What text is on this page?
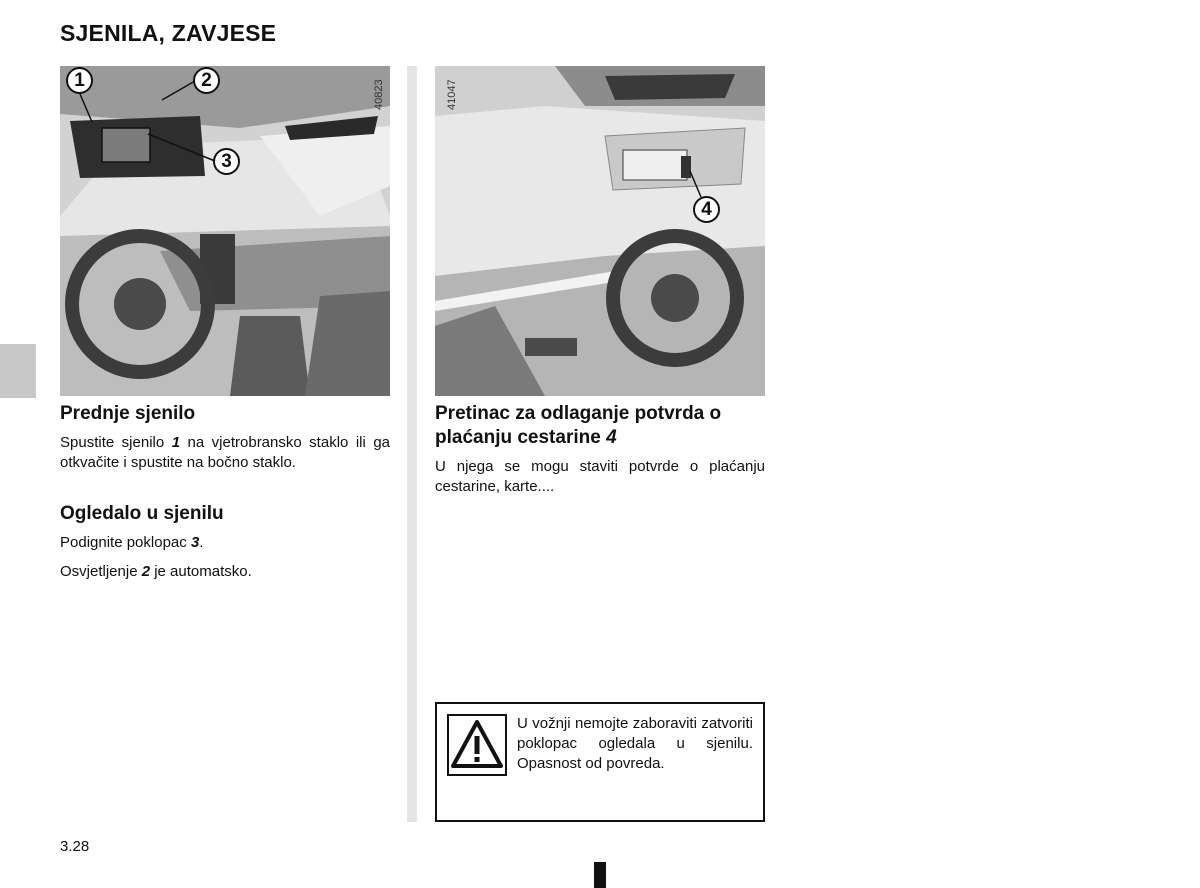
SJENILA, ZAVJESE
1	2
3
40823
4
41047
Prednje sjenilo
Spustite sjenilo 1 na vjetrobransko staklo ili ga otkvačite i spustite na bočno staklo.
Ogledalo u sjenilu
Podignite poklopac 3.
Osvjetljenje 2 je automatsko.
Pretinac za odlaganje potvrda o plaćanju cestarine 4
U njega se mogu staviti potvrde o plaćanju cestarine, karte....
U vožnji nemojte zaboraviti zatvoriti poklopac ogledala u sjenilu. Opasnost od povreda.
3.28
